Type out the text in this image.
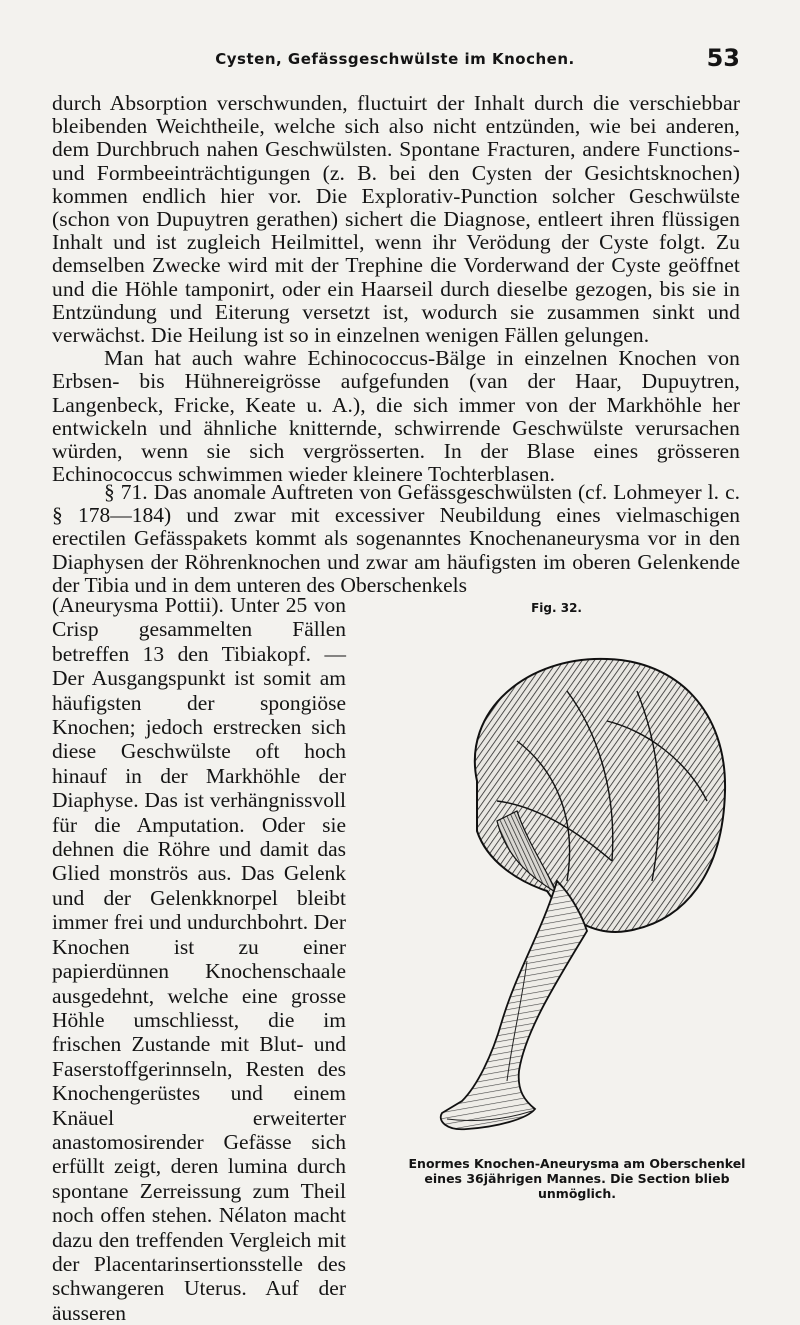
Cysten, Gefässgeschwülste im Knochen.	53

durch Absorption verschwunden, fluctuirt der Inhalt durch die verschiebbar bleibenden Weichtheile, welche sich also nicht entzünden, wie bei anderen, dem Durchbruch nahen Geschwülsten. Spontane Fracturen, andere Functions- und Formbeeinträchtigungen (z. B. bei den Cysten der Gesichtsknochen) kommen endlich hier vor. Die Explorativ-Punction solcher Geschwülste (schon von Dupuytren gerathen) sichert die Diagnose, entleert ihren flüssigen Inhalt und ist zugleich Heilmittel, wenn ihr Verödung der Cyste folgt. Zu demselben Zwecke wird mit der Trephine die Vorderwand der Cyste geöffnet und die Höhle tamponirt, oder ein Haarseil durch dieselbe gezogen, bis sie in Entzündung und Eiterung versetzt ist, wodurch sie zusammen sinkt und verwächst. Die Heilung ist so in einzelnen wenigen Fällen gelungen.

Man hat auch wahre Echinococcus-Bälge in einzelnen Knochen von Erbsen- bis Hühnereigrösse aufgefunden (van der Haar, Dupuytren, Langenbeck, Fricke, Keate u. A.), die sich immer von der Markhöhle her entwickeln und ähnliche knitternde, schwirrende Geschwülste verursachen würden, wenn sie sich vergrösserten. In der Blase eines grösseren Echinococcus schwimmen wieder kleinere Tochterblasen.

§ 71. Das anomale Auftreten von Gefässgeschwülsten (cf. Lohmeyer l. c. § 178—184) und zwar mit excessiver Neubildung eines vielmaschigen erectilen Gefässpakets kommt als sogenanntes Knochenaneurysma vor in den Diaphysen der Röhrenknochen und zwar am häufigsten im oberen Gelenkende der Tibia und in dem unteren des Oberschenkels
(Aneurysma Pottii). Unter 25 von Crisp gesammelten Fällen betreffen 13 den Tibiakopf. — Der Ausgangspunkt ist somit am häufigsten der spongiöse Knochen; jedoch erstrecken sich diese Geschwülste oft hoch hinauf in der Markhöhle der Diaphyse. Das ist verhängnissvoll für die Amputation. Oder sie dehnen die Röhre und damit das Glied monströs aus. Das Gelenk und der Gelenkknorpel bleibt immer frei und undurchbohrt. Der Knochen ist zu einer papierdünnen Knochenschaale ausgedehnt, welche eine grosse Höhle umschliesst, die im frischen Zustande mit Blut- und Faserstoffgerinnseln, Resten des Knochengerüstes und einem Knäuel erweiterter anastomosirender Gefässe sich erfüllt zeigt, deren lumina durch spontane Zerreissung zum Theil noch offen stehen. Nélaton macht dazu den treffenden Vergleich mit der Placentarinsertionsstelle des schwangeren Uterus. Auf der äusseren
Fig. 32.
Enormes Knochen-Aneurysma am Oberschenkel eines 36jährigen Mannes. Die Section blieb unmöglich.
